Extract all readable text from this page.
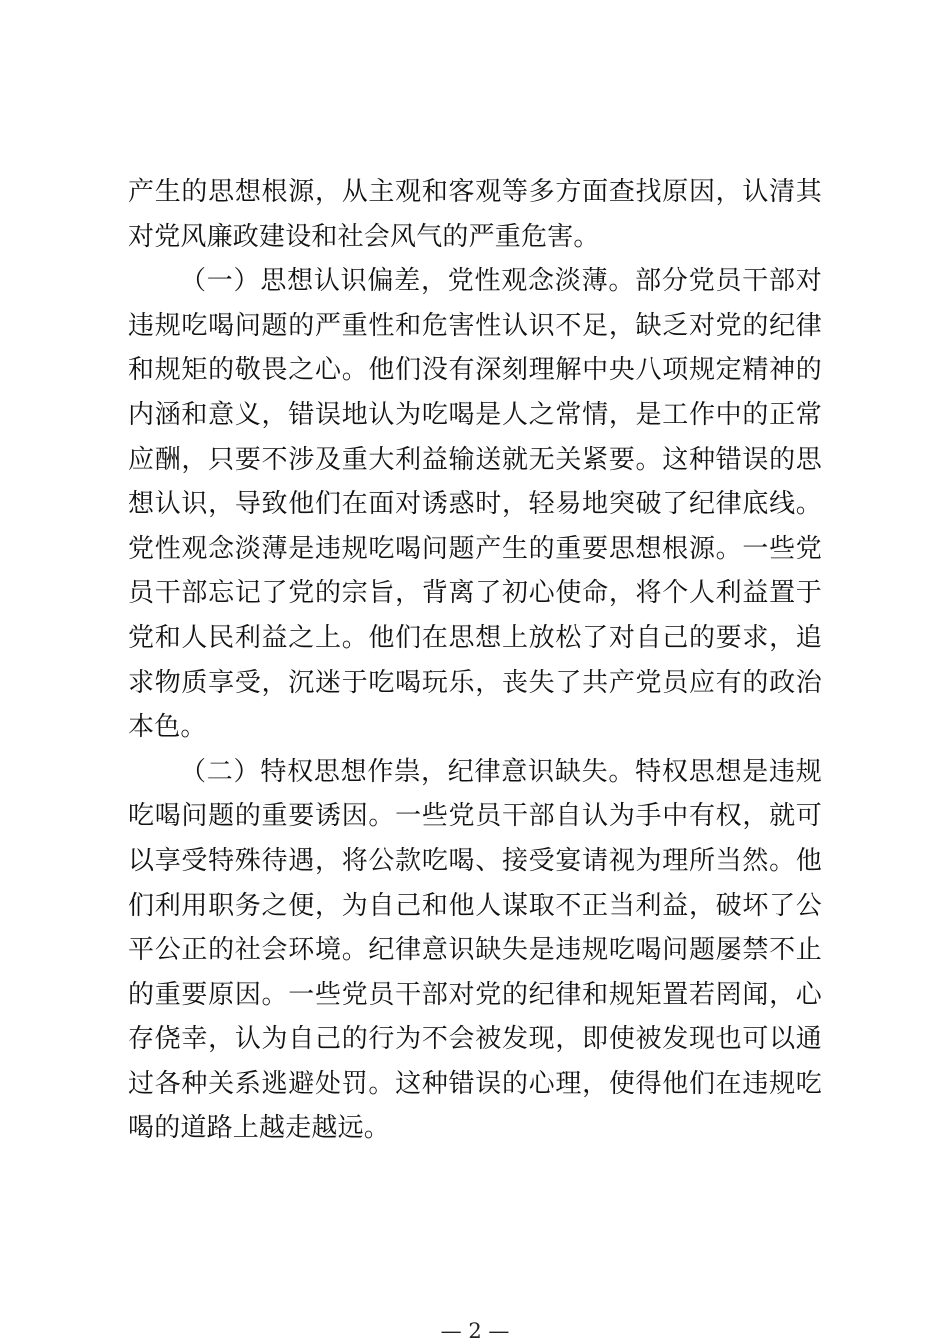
产生的思想根源，从主观和客观等多方面查找原因，认清其对党风廉政建设和社会风气的严重危害。

（一）思想认识偏差，党性观念淡薄。部分党员干部对违规吃喝问题的严重性和危害性认识不足，缺乏对党的纪律和规矩的敬畏之心。他们没有深刻理解中央八项规定精神的内涵和意义，错误地认为吃喝是人之常情，是工作中的正常应酬，只要不涉及重大利益输送就无关紧要。这种错误的思想认识，导致他们在面对诱惑时，轻易地突破了纪律底线。党性观念淡薄是违规吃喝问题产生的重要思想根源。一些党员干部忘记了党的宗旨，背离了初心使命，将个人利益置于党和人民利益之上。他们在思想上放松了对自己的要求，追求物质享受，沉迷于吃喝玩乐，丧失了共产党员应有的政治本色。

（二）特权思想作祟，纪律意识缺失。特权思想是违规吃喝问题的重要诱因。一些党员干部自认为手中有权，就可以享受特殊待遇，将公款吃喝、接受宴请视为理所当然。他们利用职务之便，为自己和他人谋取不正当利益，破坏了公平公正的社会环境。纪律意识缺失是违规吃喝问题屡禁不止的重要原因。一些党员干部对党的纪律和规矩置若罔闻，心存侥幸，认为自己的行为不会被发现，即使被发现也可以通过各种关系逃避处罚。这种错误的心理，使得他们在违规吃喝的道路上越走越远。

— 2 —
